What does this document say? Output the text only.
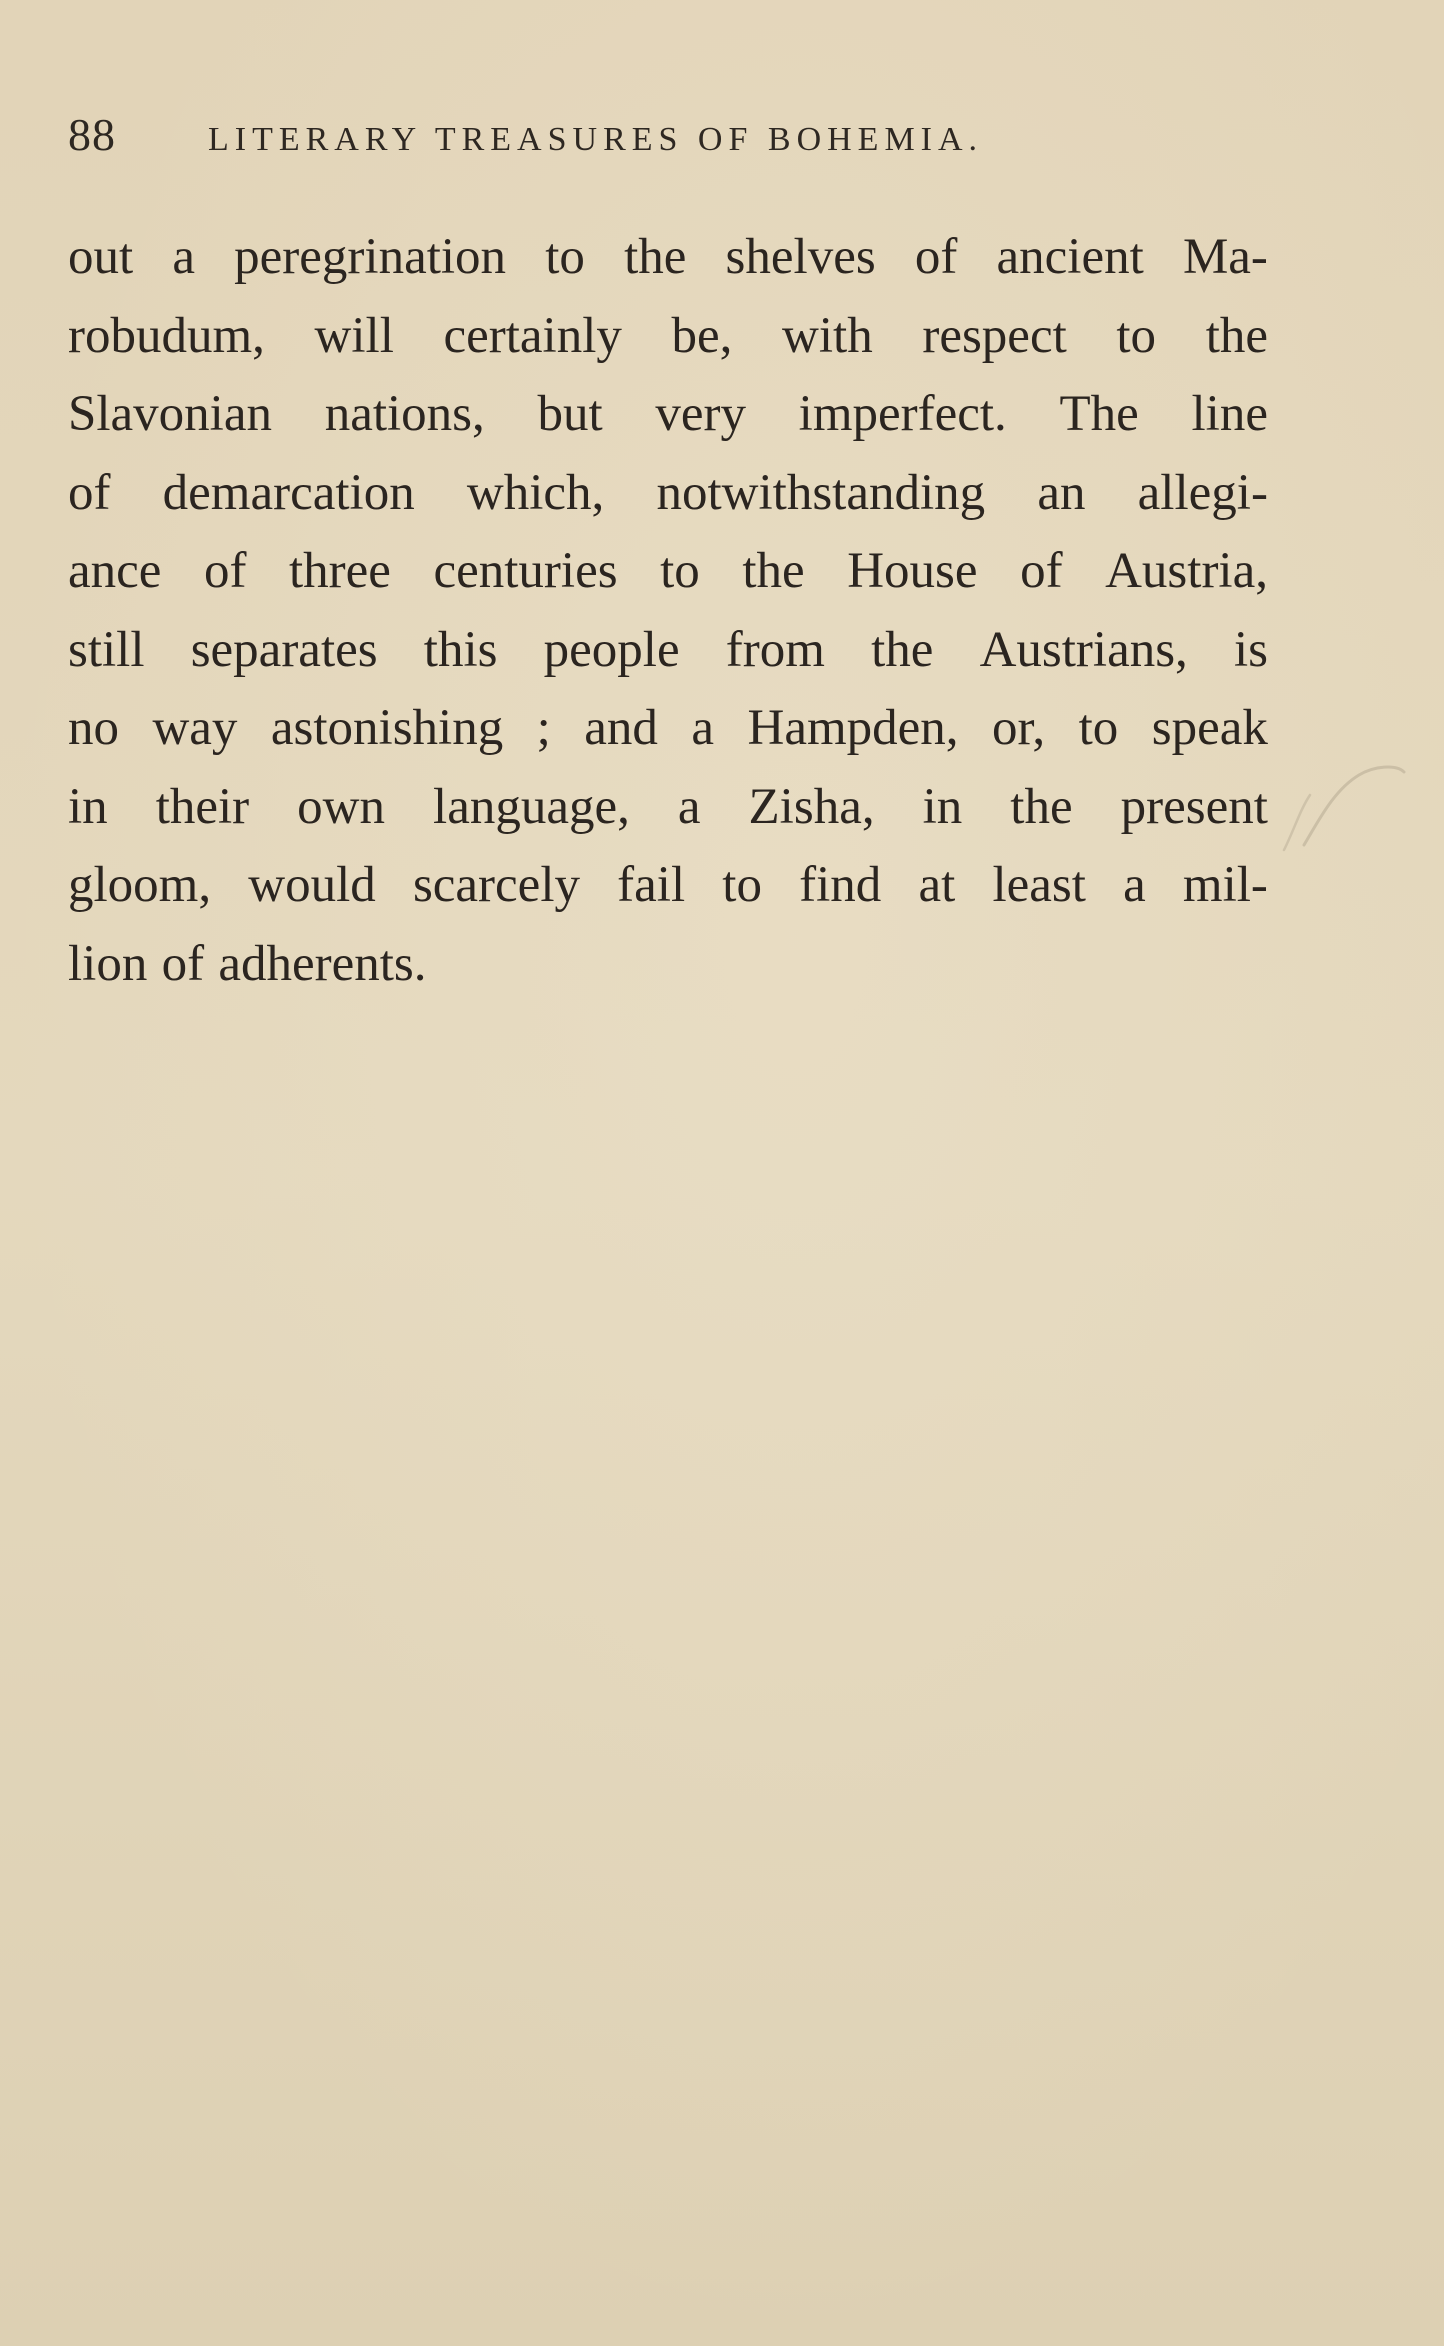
88	LITERARY TREASURES OF BOHEMIA.
out a peregrination to the shelves of ancient Ma-
robudum, will certainly be, with respect to the
Slavonian nations, but very imperfect. The line
of demarcation which, notwithstanding an allegi-
ance of three centuries to the House of Austria,
still separates this people from the Austrians, is
no way astonishing ; and a Hampden, or, to speak
in their own language, a Zisha, in the present
gloom, would scarcely fail to find at least a mil-
lion of adherents.
